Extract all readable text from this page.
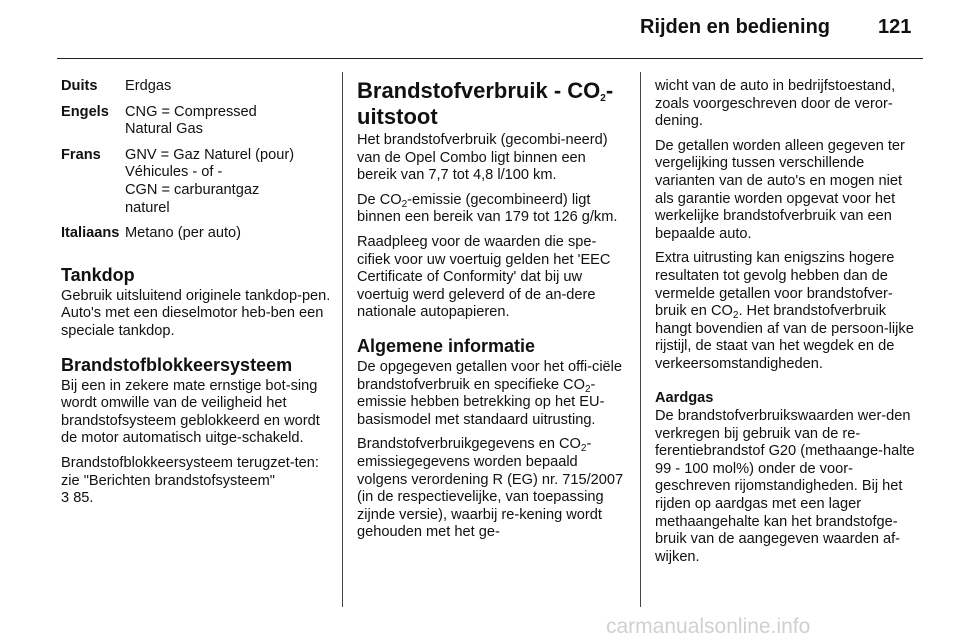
Rijden en bediening 121
Duits	Erdgas
Engels	CNG = Compressed
Natural Gas
Frans	GNV = Gaz Naturel (pour)
Véhicules - of -
CGN = carburantgaz
naturel
Italiaans	Metano (per auto)
Tankdop

Gebruik uitsluitend originele tankdop-pen. Auto's met een dieselmotor heb-ben een speciale tankdop.

Brandstofblokkeersysteem

Bij een in zekere mate ernstige bot-sing wordt omwille van de veiligheid het brandstofsysteem geblokkeerd en wordt de motor automatisch uitge-schakeld.

Brandstofblokkeersysteem terugzet-ten: zie "Berichten brandstofsysteem"
3 85.

Brandstofverbruik - $CO_2$-uitstoot

Het brandstofverbruik (gecombi-neerd) van de Opel Combo ligt binnen een bereik van 7,7 tot 4,8 l/100 km.

De $CO_2$-emissie (gecombineerd) ligt binnen een bereik van 179 tot 126 g/km.

Raadpleeg voor de waarden die spe-cifiek voor uw voertuig gelden het 'EEC Certificate of Conformity' dat bij uw voertuig werd geleverd of de an-dere nationale autopapieren.

Algemene informatie

De opgegeven getallen voor het offi-ciële brandstofverbruik en specifieke $CO_2$-emissie hebben betrekking op het EU-basismodel met standaard uitrusting.

Brandstofverbruikgegevens en $CO_2$-emissiegegevens worden bepaald volgens verordening R (EG) nr. 715/2007 (in de respectievelijke, van toepassing zijnde versie), waarbij re-kening wordt gehouden met het ge-

wicht van de auto in bedrijfstoestand, zoals voorgeschreven door de veror-dening.

De getallen worden alleen gegeven ter vergelijking tussen verschillende varianten van de auto's en mogen niet als garantie worden opgevat voor het werkelijke brandstofverbruik van een bepaalde auto.

Extra uitrusting kan enigszins hogere resultaten tot gevolg hebben dan de vermelde getallen voor brandstofver-bruik en $CO_2$. Het brandstofverbruik hangt bovendien af van de persoon-lijke rijstijl, de staat van het wegdek en de verkeersomstandigheden.

Aardgas

De brandstofverbruikswaarden wer-den verkregen bij gebruik van de re-ferentiebrandstof G20 (methaange-halte 99 - 100 mol%) onder de voor-geschreven rijomstandigheden. Bij het rijden op aardgas met een lager methaangehalte kan het brandstofge-bruik van de aangegeven waarden af-wijken.

carmanualsonline.info
